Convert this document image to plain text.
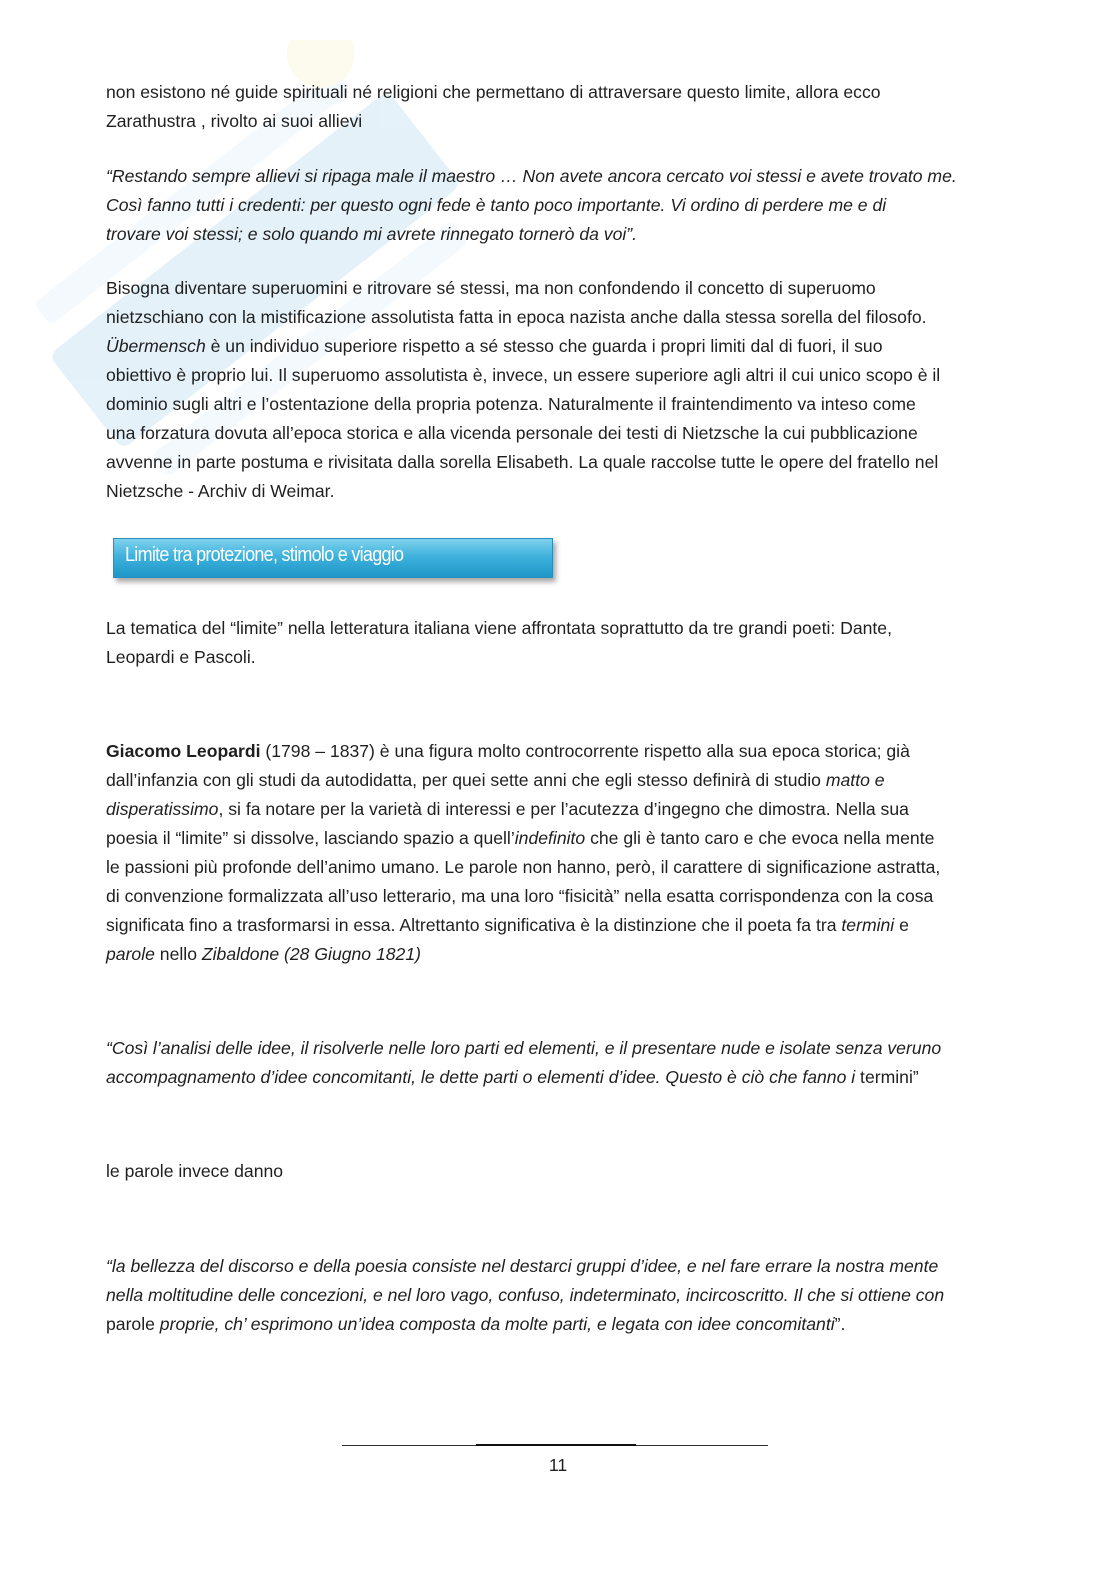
non esistono né guide spirituali né religioni che permettano di attraversare questo limite, allora ecco

Zarathustra , rivolto ai suoi allievi

“Restando sempre allievi si ripaga male il maestro … Non avete ancora cercato voi stessi e avete trovato me.

Così fanno tutti i credenti: per questo ogni fede è tanto poco importante. Vi ordino di perdere me e di

trovare voi stessi; e solo quando mi avrete rinnegato tornerò da voi”.

Bisogna diventare superuomini e ritrovare sé stessi, ma non confondendo il concetto di superuomo

nietzschiano con la mistificazione assolutista fatta in epoca nazista anche dalla stessa sorella del filosofo.

Übermensch è un individuo superiore rispetto a sé stesso che guarda i propri limiti dal di fuori, il suo

obiettivo è proprio lui. Il superuomo assolutista è, invece, un essere superiore agli altri il cui unico scopo è il

dominio sugli altri e l’ostentazione della propria potenza. Naturalmente il fraintendimento va inteso come

una forzatura dovuta all’epoca storica e alla vicenda personale dei testi di Nietzsche la cui pubblicazione

avvenne in parte postuma e rivisitata dalla sorella Elisabeth. La quale raccolse tutte le opere del fratello nel

Nietzsche - Archiv di Weimar.

Limite tra protezione, stimolo e viaggio

La tematica del “limite” nella letteratura italiana viene affrontata soprattutto da tre grandi poeti: Dante,

Leopardi e Pascoli.

Giacomo Leopardi (1798 – 1837) è una figura molto controcorrente rispetto alla sua epoca storica; già

dall’infanzia con gli studi da autodidatta, per quei sette anni che egli stesso definirà di studio matto e

disperatissimo, si fa notare per la varietà di interessi e per l’acutezza d’ingegno che dimostra. Nella sua

poesia il “limite” si dissolve, lasciando spazio a quell’indefinito che gli è tanto caro e che evoca nella mente

le passioni più profonde dell’animo umano. Le parole non hanno, però, il carattere di significazione astratta,

di convenzione formalizzata all’uso letterario, ma una loro “fisicità” nella esatta corrispondenza con la cosa

significata fino a trasformarsi in essa. Altrettanto significativa è la distinzione che il poeta fa tra termini e

parole nello Zibaldone (28 Giugno 1821)

“Così l’analisi delle idee, il risolverle nelle loro parti ed elementi, e il presentare nude e isolate senza veruno

accompagnamento d’idee concomitanti, le dette parti o elementi d’idee. Questo è ciò che fanno i termini”

le parole invece danno

“la bellezza del discorso e della poesia consiste nel destarci gruppi d’idee, e nel fare errare la nostra mente

nella moltitudine delle concezioni, e nel loro vago, confuso, indeterminato, incircoscritto. Il che si ottiene con

parole proprie, ch’ esprimono un’idea composta da molte parti, e legata con idee concomitanti”.

11
